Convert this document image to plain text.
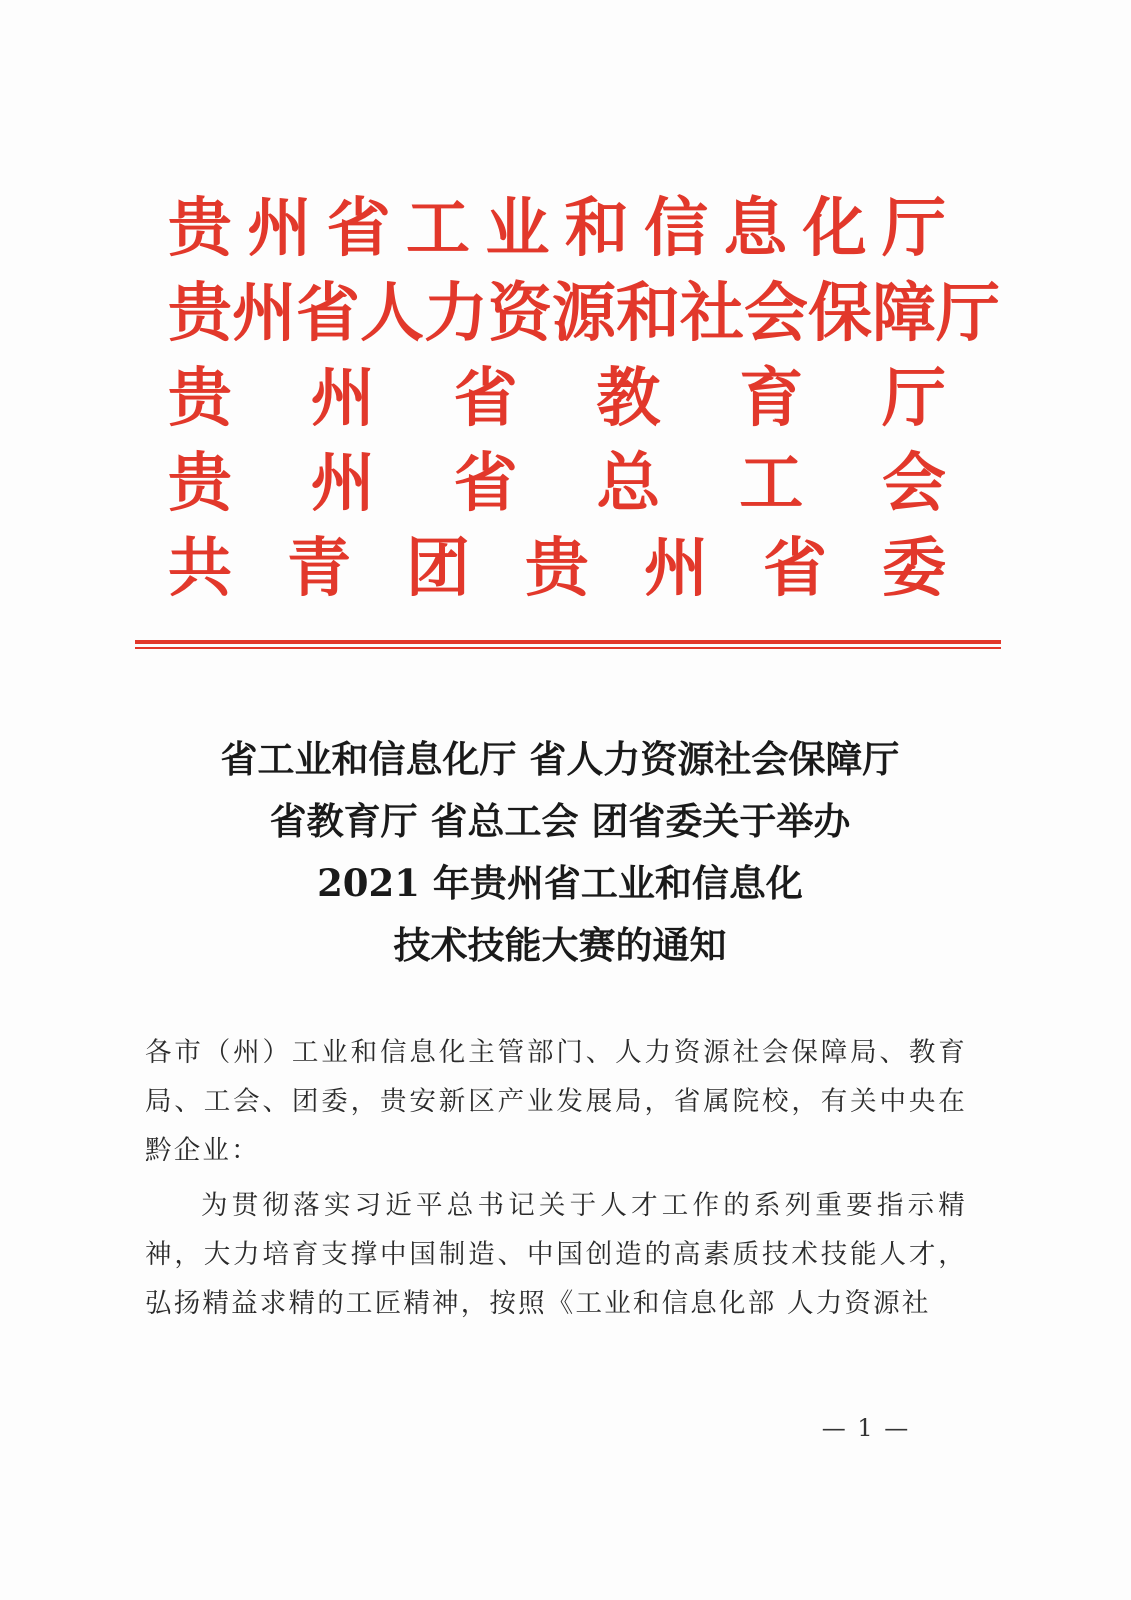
贵 州 省 工 业 和 信 息 化 厅
贵 州 省 人 力 资 源 和 社 会 保 障 厅
贵 州 省 教 育 厅
贵 州 省 总 工 会
共 青 团 贵 州 省 委
省工业和信息化厅 省人力资源社会保障厅
省教育厅 省总工会 团省委关于举办
2021 年贵州省工业和信息化
技术技能大赛的通知

各市（州）工业和信息化主管部门、人力资源社会保障局、教育局、工会、团委，贵安新区产业发展局，省属院校，有关中央在黔企业：

为贯彻落实习近平总书记关于人才工作的系列重要指示精神，大力培育支撑中国制造、中国创造的高素质技术技能人才，弘扬精益求精的工匠精神，按照《工业和信息化部 人力资源社

— 1 —
